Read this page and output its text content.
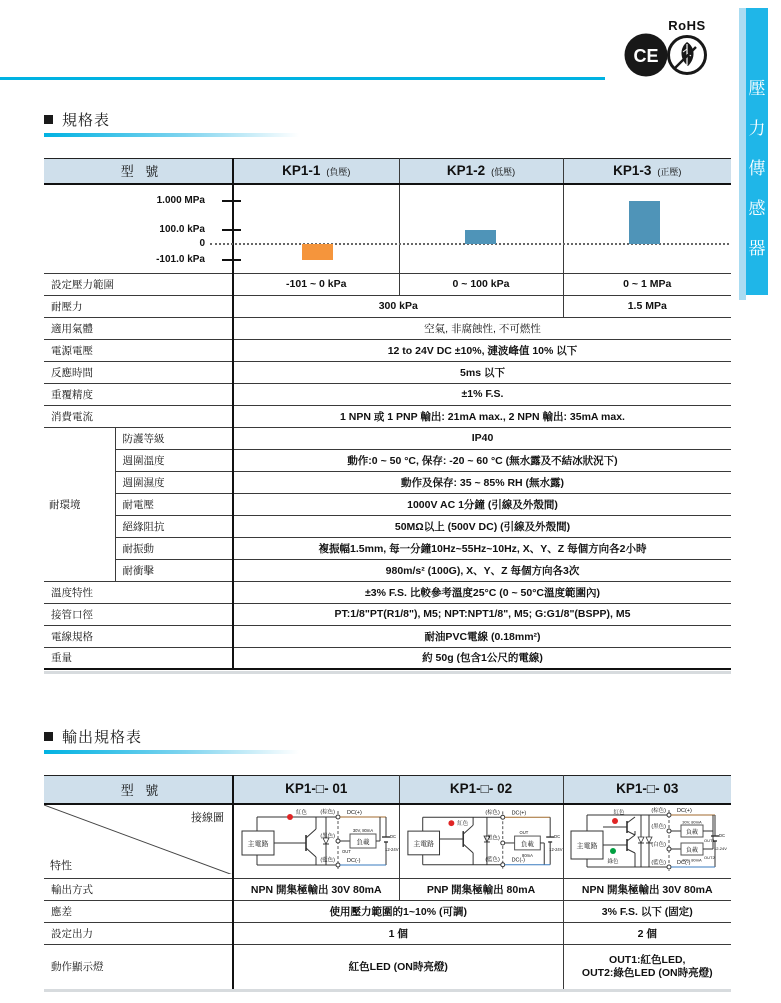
CE
RoHS
壓
力
傳
感
器
規格表
型 號		KP1-1 (負壓)	KP1-2 (低壓)	KP1-3 (正壓)

1.000 MPa
100.0 kPa
0
-101.0 kPa				

設定壓力範圍		-101 ~ 0 kPa	0 ~ 100 kPa	0 ~ 1 MPa
耐壓力		300 kPa		1.5 MPa
適用氣體		空氣, 非腐蝕性, 不可燃性		
電源電壓		12 to 24V DC ±10%, 漣波峰值 10% 以下		
反應時間		5ms 以下		
重覆精度		±1% F.S.		
消費電流		1 NPN 或 1 PNP 輸出: 21mA max., 2 NPN 輸出: 35mA max.		
耐環境	防護等級	IP40		
	週圍溫度	動作:0 ~ 50 °C, 保存: -20 ~ 60 °C (無水露及不結冰狀況下)		
	週圍濕度	動作及保存: 35 ~ 85% RH (無水露)		
	耐電壓	1000V AC 1分鐘 (引線及外殼間)		
	絕緣阻抗	50MΩ以上 (500V DC) (引線及外殼間)		
	耐振動	複振幅1.5mm, 每一分鐘10Hz~55Hz~10Hz, X、Y、Z 每個方向各2小時		
	耐衝擊	980m/s² (100G), X、Y、Z 每個方向各3次		
溫度特性		±3% F.S. 比較參考溫度25°C (0 ~ 50°C溫度範圍內)		
接管口徑		PT:1/8"PT(R1/8"), M5; NPT:NPT1/8", M5; G:G1/8"(BSPP), M5		
電線規格		耐油PVC電線 (0.18mm²)		
重量		約 50g (包含1公尺的電線)		
輸出規格表
型 號	KP1-□- 01	KP1-□- 02	KP1-□- 03

接線圖
特性

主電路
紅色 (棕色)
(黑色)
(藍色)
DC(+)
負載
30V, 80mA
OUT
DC(-)
DC
12-24V

主電路
紅色
(棕色)
(黑色)
(藍色)
DC(+)
負載
OUT
80mA
DC(-)
DC
12-24V	主電路
紅色
綠色
(棕色)
(黑色)
(白色)
(藍色)
DC(+)
負載
30V, 80mA
OUT1
負載
30V, 80mA OUT2
DC(-)
DC
12-24V

輸出方式	NPN 開集極輸出 30V 80mA	PNP 開集極輸出 80mA	NPN 開集極輸出 30V 80mA
應差	使用壓力範圍的1~10% (可調)		3% F.S. 以下 (固定)
設定出力	1 個		2 個
動作顯示燈	紅色LED (ON時亮燈)		OUT1:紅色LED,
OUT2:綠色LED (ON時亮燈)
